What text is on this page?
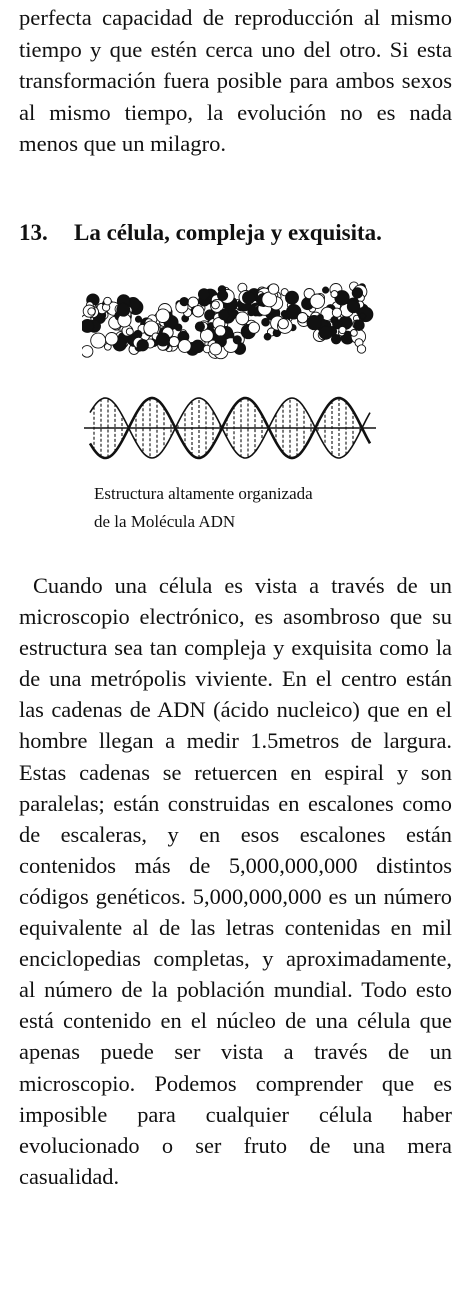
perfecta capacidad de reproducción al mismo tiempo y que estén cerca uno del otro. Si esta transformación fuera posible para ambos sexos al mismo tiempo, la evolución no es nada menos que un milagro.

13. La célula, compleja y exquisita.

Estructura altamente organizada
de la Molécula ADN

Cuando una célula es vista a través de un microscopio electrónico, es asombroso que su estructura sea tan compleja y exquisita como la de una metrópolis viviente. En el centro están las cadenas de ADN (ácido nucleico) que en el hombre llegan a medir 1.5metros de largura. Estas cadenas se retuercen en espiral y son paralelas; están construidas en escalones como de escaleras, y en esos escalones están contenidos más de 5,000,000,000 distintos códigos genéticos. 5,000,000,000 es un número equivalente al de las letras contenidas en mil enciclopedias completas, y aproximadamente, al número de la población mundial. Todo esto está contenido en el núcleo de una célula que apenas puede ser vista a través de un microscopio. Podemos comprender que es imposible para cualquier célula haber evolucionado o ser fruto de una mera casualidad.
